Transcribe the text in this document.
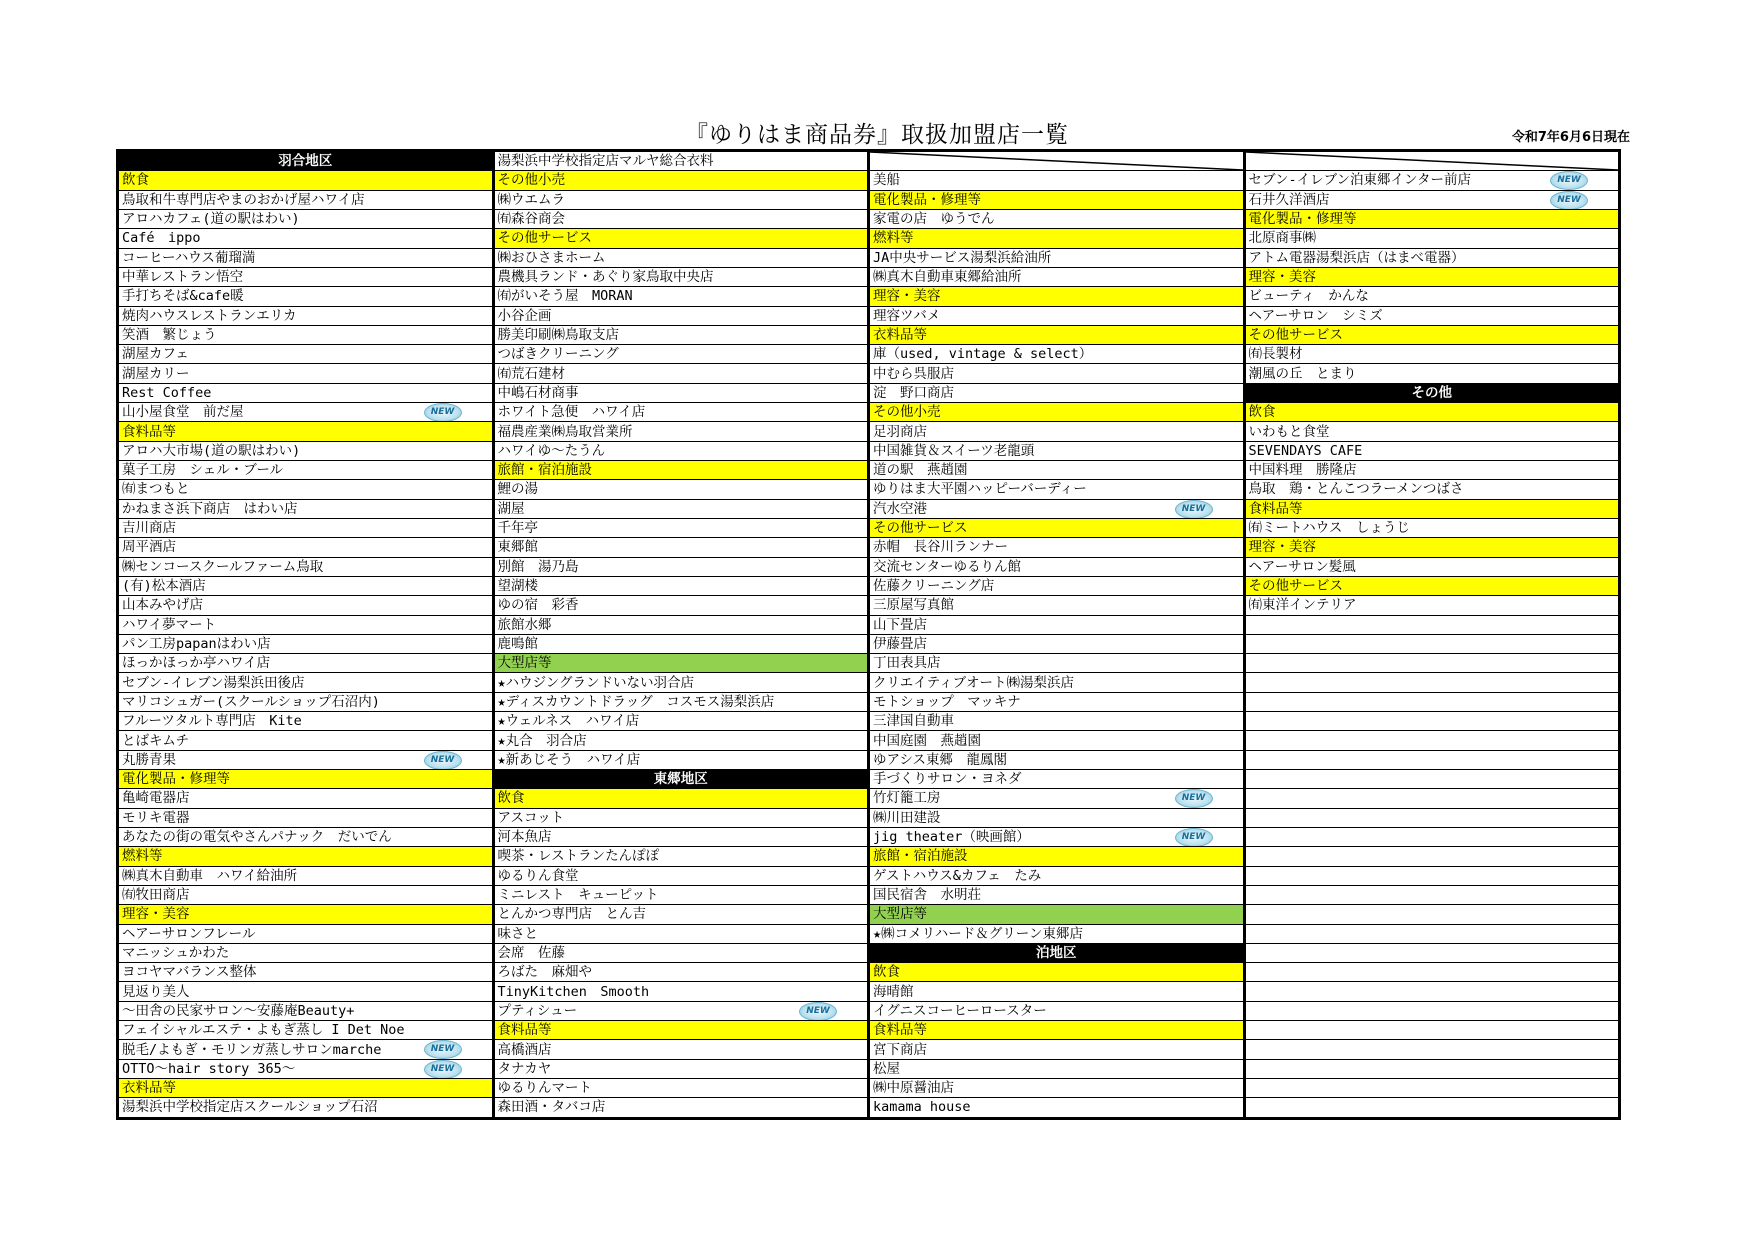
『ゆりはま商品券』取扱加盟店一覧	令和7年6月6日現在
羽合地区
飲食
鳥取和牛専門店やまのおかげ屋ハワイ店
アロハカフェ(道の駅はわい)
Café　ippo
コーヒーハウス葡瑠満
中華レストラン悟空
手打ちそば&cafe暖
焼肉ハウスレストランエリカ
笑酒　繁じょう
湖屋カフェ
湖屋カリー
Rest Coffee
山小屋食堂　前だ屋	NEW
食料品等
アロハ大市場(道の駅はわい)
菓子工房　シェル・ブール
㈲まつもと
かねまさ浜下商店　はわい店
吉川商店
周平酒店
㈱センコースクールファーム鳥取
(有)松本酒店
山本みやげ店
ハワイ夢マート
パン工房papanはわい店
ほっかほっか亭ハワイ店
セブン-イレブン湯梨浜田後店
マリコシュガー(スクールショップ石沼内)
フルーツタルト専門店　Kite
とばキムチ
丸勝青果	NEW
電化製品・修理等
亀崎電器店
モリキ電器
あなたの街の電気やさんパナック　だいでん
燃料等
㈱真木自動車　ハワイ給油所
㈲牧田商店
理容・美容
ヘアーサロンフレール
マニッシュかわた
ヨコヤマバランス整体
見返り美人
～田舎の民家サロン～安藤庵Beauty+
フェイシャルエステ・よもぎ蒸し I Det Noe
脱毛/よもぎ・モリンガ蒸しサロンmarche	NEW
OTTO～hair story 365～	NEW
衣料品等
湯梨浜中学校指定店スクールショップ石沼
湯梨浜中学校指定店マルヤ総合衣料
その他小売
㈱ウエムラ
㈲森谷商会
その他サービス
㈱おひさまホーム
農機具ランド・あぐり家鳥取中央店
㈲がいそう屋　MORAN
小谷企画
勝美印刷㈱鳥取支店
つばきクリーニング
㈲荒石建材
中嶋石材商事
ホワイト急便　ハワイ店
福農産業㈱鳥取営業所
ハワイゆ～たうん
旅館・宿泊施設
鯉の湯
湖屋
千年亭
東郷館
別館　湯乃島
望湖楼
ゆの宿　彩香
旅館水郷
鹿鳴館
大型店等
★ハウジングランドいない羽合店
★ディスカウントドラッグ　コスモス湯梨浜店
★ウェルネス　ハワイ店
★丸合　羽合店
★新あじそう　ハワイ店
東郷地区
飲食
アスコット
河本魚店
喫茶・レストランたんぽぽ
ゆるりん食堂
ミニレスト　キューピット
とんかつ専門店　とん吉
味さと
会席　佐藤
ろばた　麻畑や
TinyKitchen　Smooth
プティシュー	NEW
食料品等
高橋酒店
タナカヤ
ゆるりんマート
森田酒・タバコ店
美船
電化製品・修理等
家電の店　ゆうでん
燃料等
JA中央サービス湯梨浜給油所
㈱真木自動車東郷給油所
理容・美容
理容ツバメ
衣料品等
庫（used, vintage & select）
中むら呉服店
淀　野口商店
その他小売
足羽商店
中国雑貨＆スイーツ老龍頭
道の駅　燕趙園
ゆりはま大平園ハッピーバーディー
汽水空港	NEW
その他サービス
赤帽　長谷川ランナー
交流センターゆるりん館
佐藤クリーニング店
三原屋写真館
山下畳店
伊藤畳店
丁田表具店
クリエイティブオート㈱湯梨浜店
モトショップ　マッキナ
三津国自動車
中国庭園　燕趙園
ゆアシス東郷　龍鳳閣
手づくりサロン・ヨネダ
竹灯籠工房	NEW
㈱川田建設
jig theater（映画館）	NEW
旅館・宿泊施設
ゲストハウス&カフェ　たみ
国民宿舎　水明荘
大型店等
★㈱コメリハード＆グリーン東郷店
泊地区
飲食
海晴館
イグニスコーヒーロースター
食料品等
宮下商店
松屋
㈱中原醤油店
kamama house
セブン-イレブン泊東郷インター前店	NEW
石井久洋酒店	NEW
電化製品・修理等
北原商事㈱
アトム電器湯梨浜店（はまべ電器）
理容・美容
ビューティ　かんな
ヘアーサロン　シミズ
その他サービス
㈲長製材
潮風の丘　とまり
その他
飲食
いわもと食堂
SEVENDAYS CAFE
中国料理　勝隆店
鳥取　鶏・とんこつラーメンつばさ
食料品等
㈲ミートハウス　しょうじ
理容・美容
ヘアーサロン髪風
その他サービス
㈲東洋インテリア
